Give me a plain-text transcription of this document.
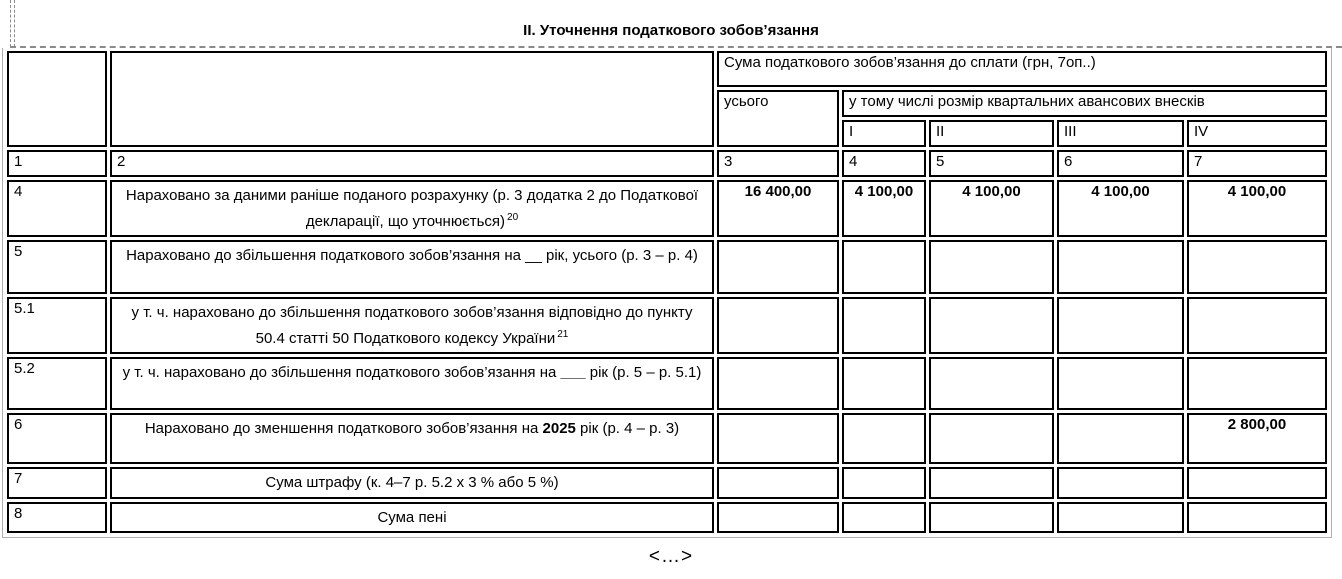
ІІ. Уточнення податкового зобов’язання
		Сума податкового зобов’язання до сплати (грн, 7оп..)				
		усього	у тому числі розмір квартальних авансових внесків			
			I	II	III	IV
1	2	3	4	5	6	7
4	Нараховано за даними раніше поданого розрахунку (р. 3 додатка 2 до Податкової декларації, що уточнюється) $^{20}$	16 400,00	4 100,00	4 100,00	4 100,00	4 100,00
5	Нараховано до збільшення податкового зобов’язання на __ рік, усього (р. 3 – р. 4)					
5.1	у т. ч. нараховано до збільшення податкового зобов’язання відповідно до пункту 50.4 статті 50 Податкового кодексу України $^{21}$					
5.2	у т. ч. нараховано до збільшення податкового зобов’язання на ___ рік (р. 5 – р. 5.1)					
6	Нараховано до зменшення податкового зобов’язання на 2025 рік (р. 4 – р. 3)					2 800,00
7	Сума штрафу (к. 4–7 р. 5.2 х 3 % або 5 %)					
8	Сума пені					
<…>
